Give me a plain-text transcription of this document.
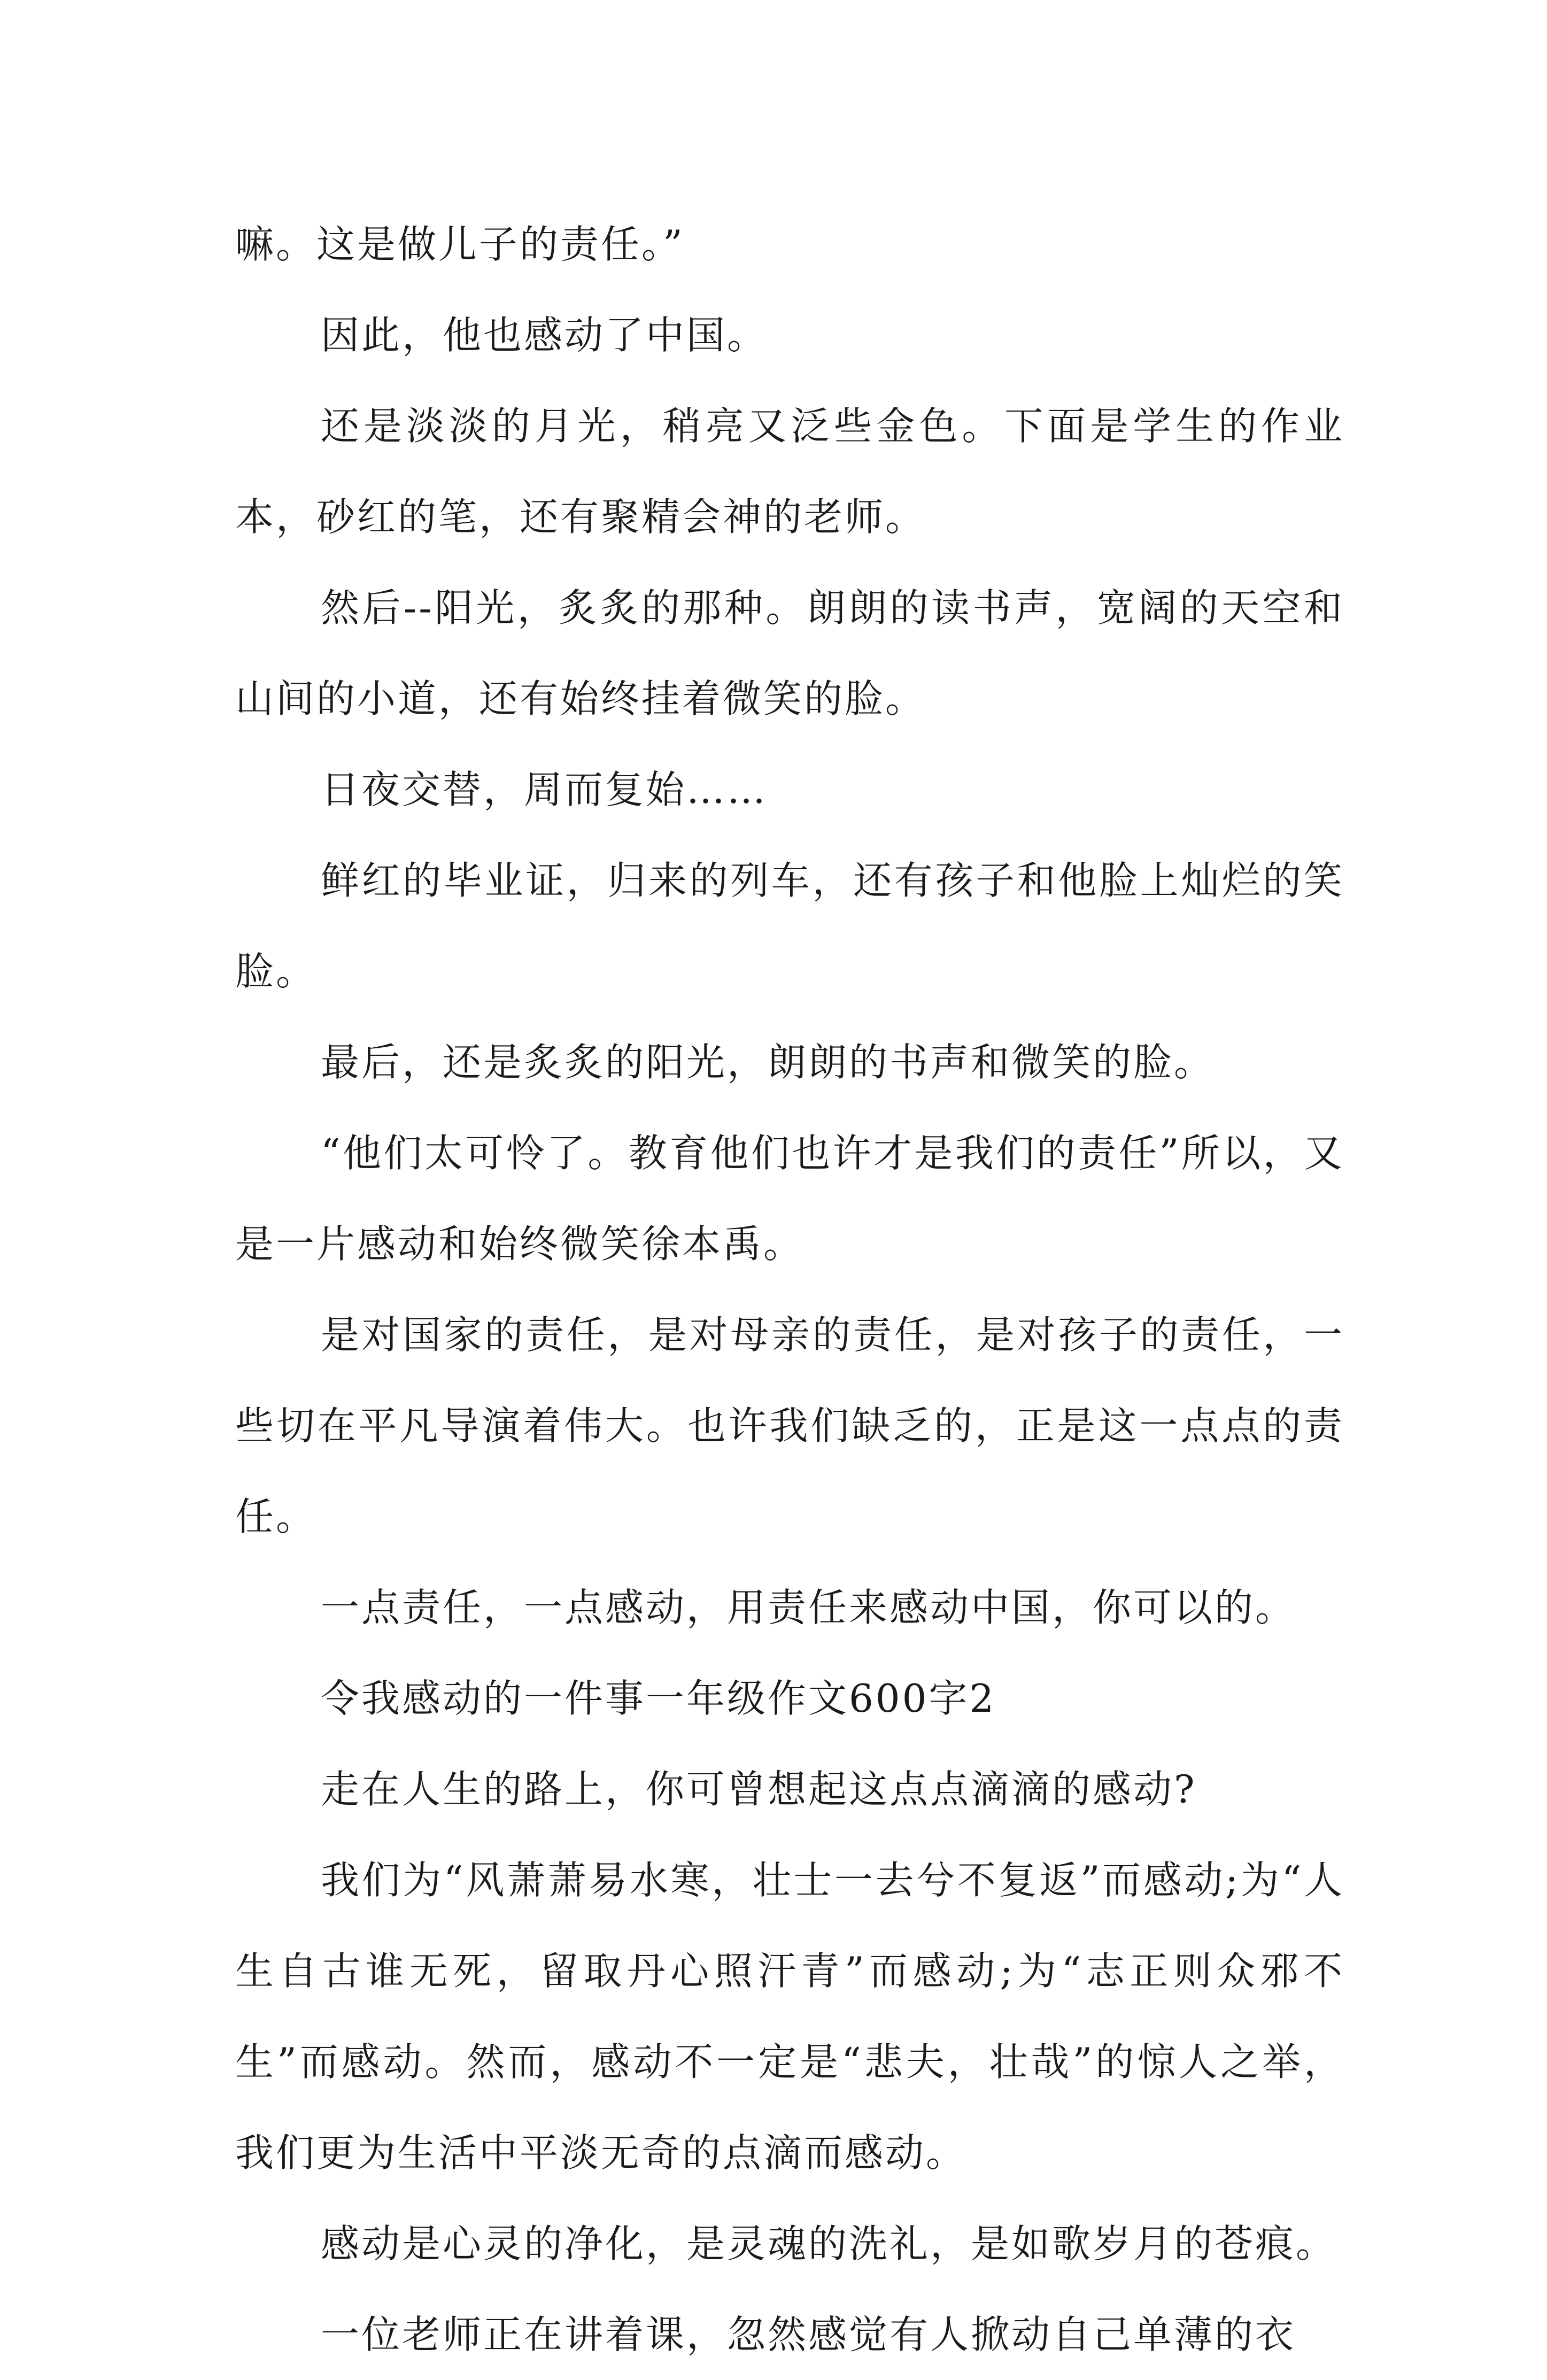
嘛。这是做儿子的责任。”

因此，他也感动了中国。

还是淡淡的月光，稍亮又泛些金色。下面是学生的作业本，砂红的笔，还有聚精会神的老师。

然后--阳光，炙炙的那种。朗朗的读书声，宽阔的天空和山间的小道，还有始终挂着微笑的脸。

日夜交替，周而复始……

鲜红的毕业证，归来的列车，还有孩子和他脸上灿烂的笑脸。

最后，还是炙炙的阳光，朗朗的书声和微笑的脸。

“他们太可怜了。教育他们也许才是我们的责任”所以，又是一片感动和始终微笑徐本禹。

是对国家的责任，是对母亲的责任，是对孩子的责任，一些切在平凡导演着伟大。也许我们缺乏的，正是这一点点的责任。

一点责任，一点感动，用责任来感动中国，你可以的。

令我感动的一件事一年级作文600字2

走在人生的路上，你可曾想起这点点滴滴的感动?

我们为“风萧萧易水寒，壮士一去兮不复返”而感动;为“人生自古谁无死，留取丹心照汗青”而感动;为“志正则众邪不生”而感动。然而，感动不一定是“悲夫，壮哉”的惊人之举，我们更为生活中平淡无奇的点滴而感动。

感动是心灵的净化，是灵魂的洗礼，是如歌岁月的苍痕。

一位老师正在讲着课，忽然感觉有人掀动自己单薄的衣
